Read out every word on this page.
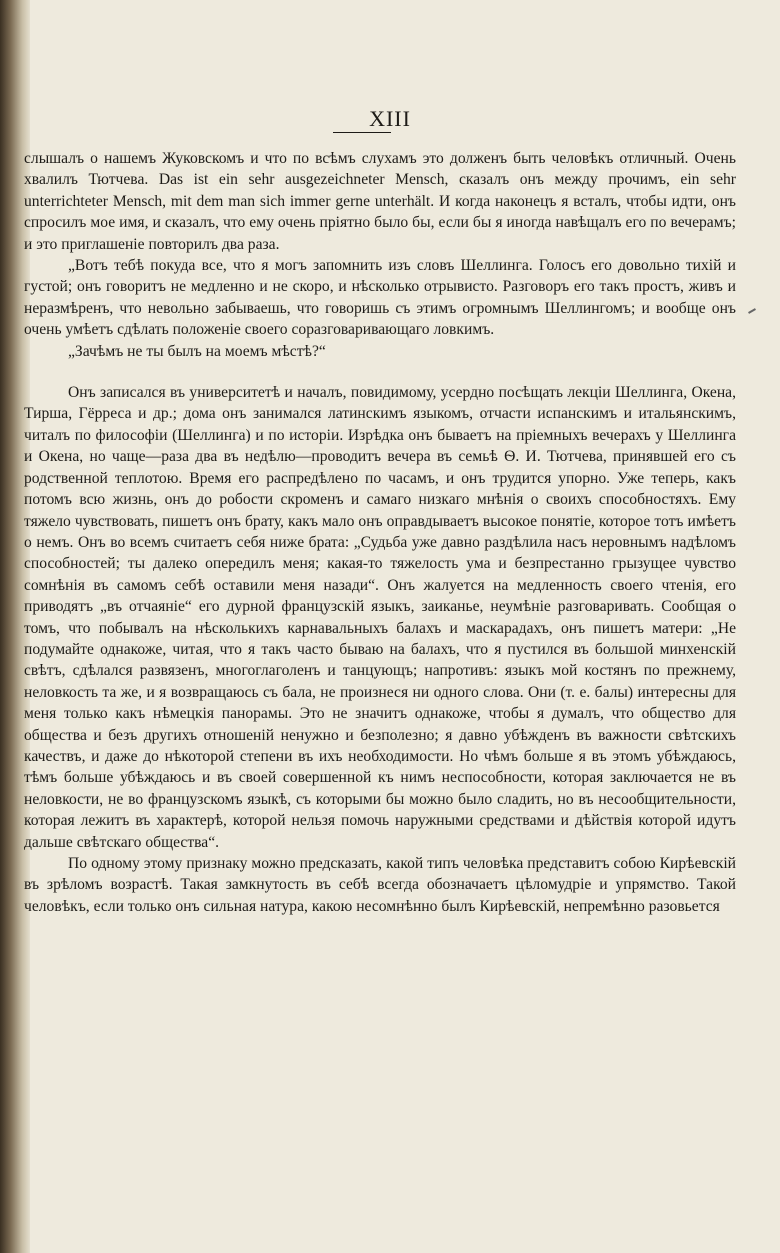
XIII

слышалъ о нашемъ Жуковскомъ и что по всѣмъ слухамъ это долженъ быть человѣкъ отличный. Очень хвалилъ Тютчева. Das ist ein sehr ausgezeichneter Mensch, сказалъ онъ между прочимъ, ein sehr unterrichteter Mensch, mit dem man sich immer gerne unterhält. И когда наконецъ я всталъ, чтобы идти, онъ спросилъ мое имя, и сказалъ, что ему очень пріятно было бы, если бы я иногда навѣщалъ его по вечерамъ; и это приглашеніе повторилъ два раза.

„Вотъ тебѣ покуда все, что я могъ запомнить изъ словъ Шеллинга. Голосъ его довольно тихій и густой; онъ говоритъ не медленно и не скоро, и нѣсколько отрывисто. Разговоръ его такъ простъ, живъ и неразмѣренъ, что невольно забываешь, что говоришь съ этимъ огромнымъ Шеллингомъ; и вообще онъ очень умѣетъ сдѣлать положеніе своего соразговаривающаго ловкимъ.

„Зачѣмъ не ты былъ на моемъ мѣстѣ?“

Онъ записался въ университетѣ и началъ, повидимому, усердно посѣщать лекціи Шеллинга, Окена, Тирша, Гёрреса и др.; дома онъ занимался латинскимъ языкомъ, отчасти испанскимъ и итальянскимъ, читалъ по философіи (Шеллинга) и по исторіи. Изрѣдка онъ бываетъ на пріемныхъ вечерахъ у Шеллинга и Окена, но чаще—раза два въ недѣлю—проводитъ вечера въ семьѣ Ѳ. И. Тютчева, принявшей его съ родственной теплотою. Время его распредѣлено по часамъ, и онъ трудится упорно. Уже теперь, какъ потомъ всю жизнь, онъ до робости скроменъ и самаго низкаго мнѣнія о своихъ способностяхъ. Ему тяжело чувствовать, пишетъ онъ брату, какъ мало онъ оправдываетъ высокое понятіе, которое тотъ имѣетъ о немъ. Онъ во всемъ считаетъ себя ниже брата: „Судьба уже давно раздѣлила насъ неровнымъ надѣломъ способностей; ты далеко опередилъ меня; какая-то тяжелость ума и безпрестанно грызущее чувство сомнѣнія въ самомъ себѣ оставили меня назади“. Онъ жалуется на медленность своего чтенія, его приводятъ „въ отчаяніе“ его дурной французскій языкъ, заиканье, неумѣніе разговаривать. Сообщая о томъ, что побывалъ на нѣсколькихъ карнавальныхъ балахъ и маскарадахъ, онъ пишетъ матери: „Не подумайте однакоже, читая, что я такъ часто бываю на балахъ, что я пустился въ большой минхенскій свѣтъ, сдѣлался развязенъ, многоглаголенъ и танцующъ; напротивъ: языкъ мой костянъ по прежнему, неловкость та же, и я возвращаюсь съ бала, не произнеся ни одного слова. Они (т. е. балы) интересны для меня только какъ нѣмецкія панорамы. Это не значитъ однакоже, чтобы я думалъ, что общество для общества и безъ другихъ отношеній ненужно и безполезно; я давно убѣжденъ въ важности свѣтскихъ качествъ, и даже до нѣкоторой степени въ ихъ необходимости. Но чѣмъ больше я въ этомъ убѣждаюсь, тѣмъ больше убѣждаюсь и въ своей совершенной къ нимъ неспособности, которая заключается не въ неловкости, не во французскомъ языкѣ, съ которыми бы можно было сладить, но въ несообщительности, которая лежитъ въ характерѣ, которой нельзя помочь наружными средствами и дѣйствія которой идутъ дальше свѣтскаго общества“.

По одному этому признаку можно предсказать, какой типъ человѣка представитъ собою Кирѣевскій въ зрѣломъ возрастѣ. Такая замкнутость въ себѣ всегда обозначаетъ цѣломудріе и упрямство. Такой человѣкъ, если только онъ сильная натура, какою несомнѣнно былъ Кирѣевскій, непремѣнно разовьется
